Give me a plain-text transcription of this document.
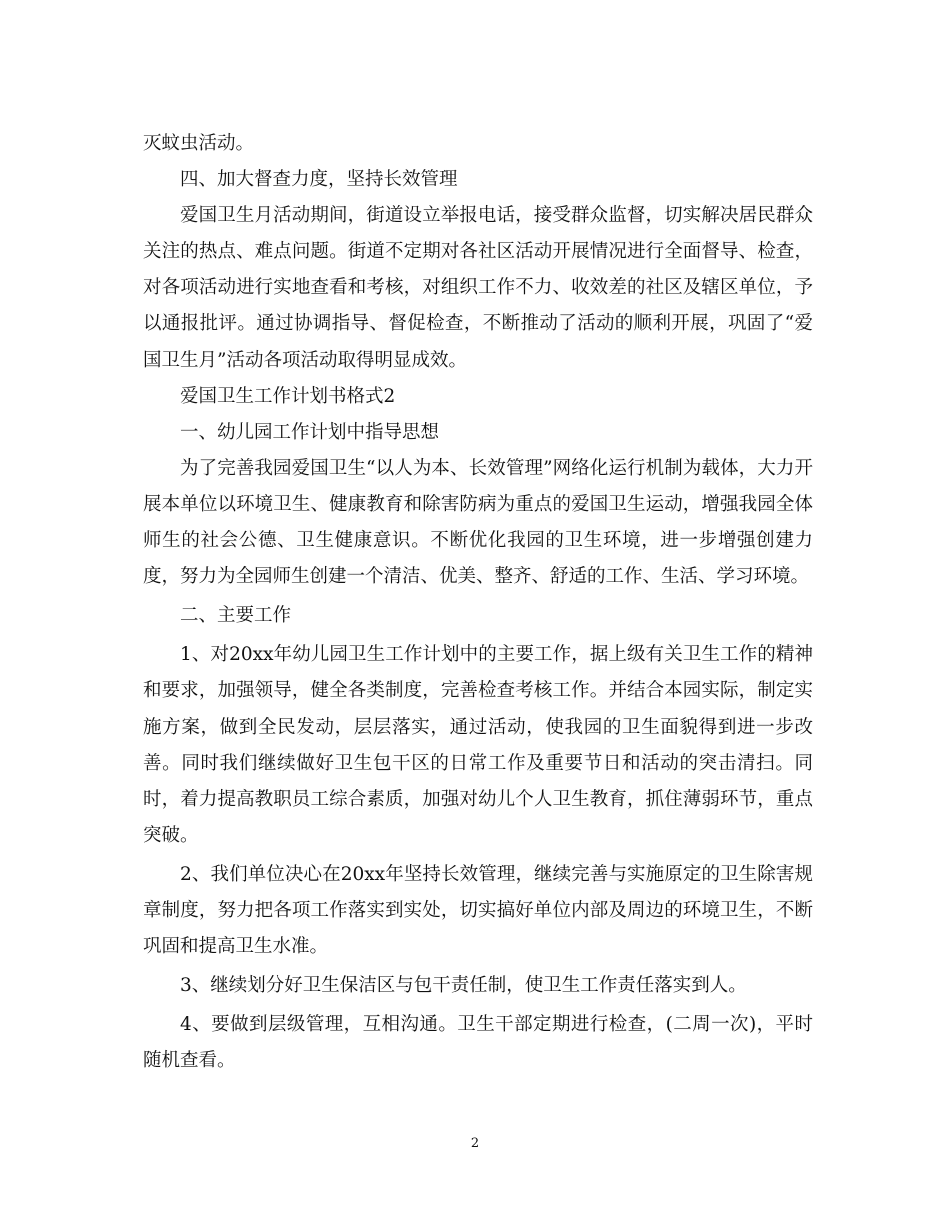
灭蚊虫活动。

四、加大督查力度，坚持长效管理

爱国卫生月活动期间，街道设立举报电话，接受群众监督，切实解决居民群众关注的热点、难点问题。街道不定期对各社区活动开展情况进行全面督导、检查，对各项活动进行实地查看和考核，对组织工作不力、收效差的社区及辖区单位，予以通报批评。通过协调指导、督促检查，不断推动了活动的顺利开展，巩固了“爱国卫生月”活动各项活动取得明显成效。

爱国卫生工作计划书格式2

一、幼儿园工作计划中指导思想

为了完善我园爱国卫生“以人为本、长效管理”网络化运行机制为载体，大力开展本单位以环境卫生、健康教育和除害防病为重点的爱国卫生运动，增强我园全体师生的社会公德、卫生健康意识。不断优化我园的卫生环境，进一步增强创建力度，努力为全园师生创建一个清洁、优美、整齐、舒适的工作、生活、学习环境。

二、主要工作

1、对20xx年幼儿园卫生工作计划中的主要工作，据上级有关卫生工作的精神和要求，加强领导，健全各类制度，完善检查考核工作。并结合本园实际，制定实施方案，做到全民发动，层层落实，通过活动，使我园的卫生面貌得到进一步改善。同时我们继续做好卫生包干区的日常工作及重要节日和活动的突击清扫。同时，着力提高教职员工综合素质，加强对幼儿个人卫生教育，抓住薄弱环节，重点突破。

2、我们单位决心在20xx年坚持长效管理，继续完善与实施原定的卫生除害规章制度，努力把各项工作落实到实处，切实搞好单位内部及周边的环境卫生，不断巩固和提高卫生水准。

3、继续划分好卫生保洁区与包干责任制，使卫生工作责任落实到人。

4、要做到层级管理，互相沟通。卫生干部定期进行检查，(二周一次)，平时随机查看。

2
